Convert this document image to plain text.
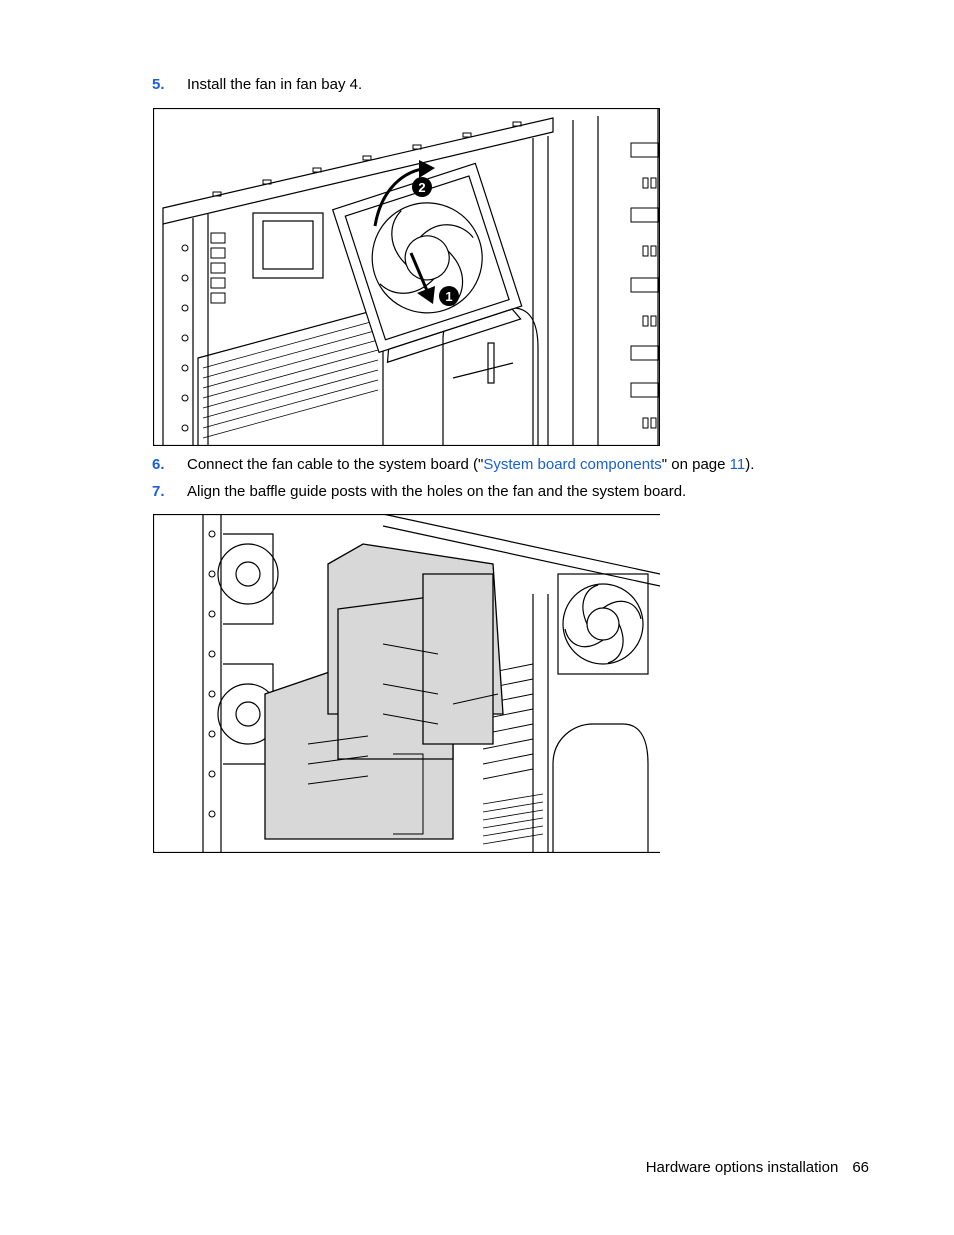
5. Install the fan in fan bay 4.
2
1
6. Connect the fan cable to the system board ("System board components" on page 11).
7. Align the baffle guide posts with the holes on the fan and the system board.
Hardware options installation 66
